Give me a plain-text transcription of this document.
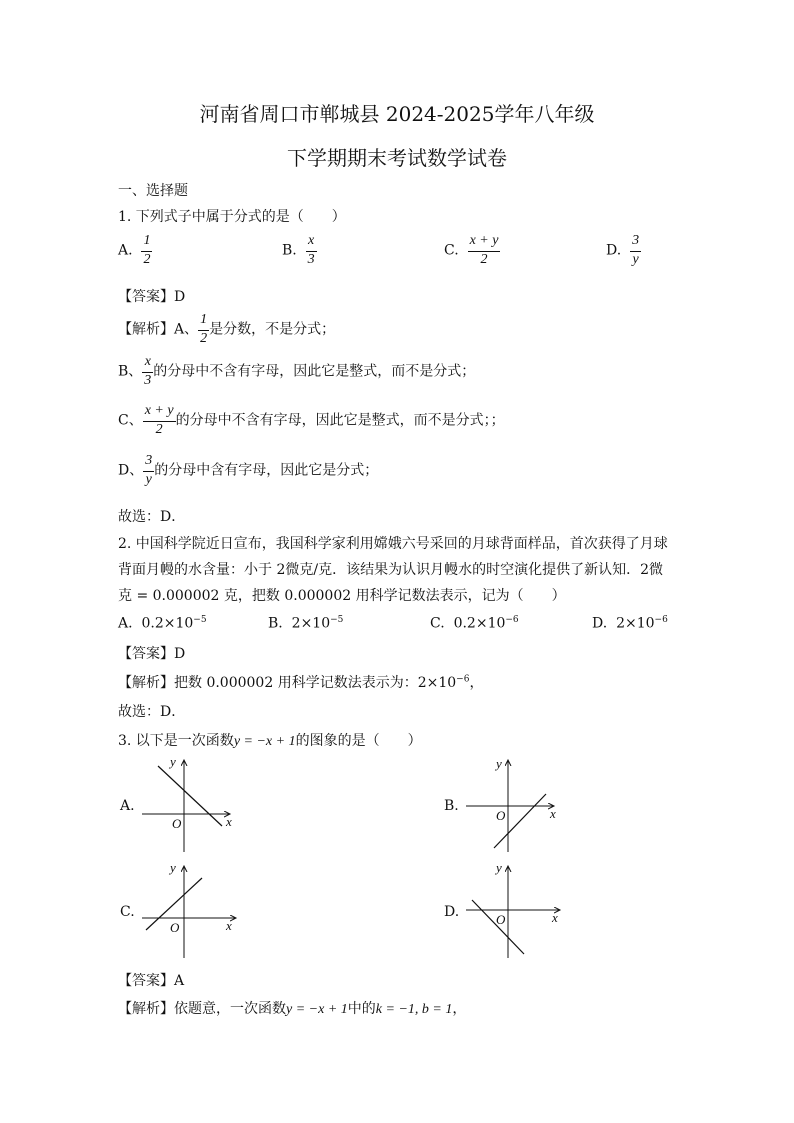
河南省周口市郸城县 2024-2025学年八年级
下学期期末考试数学试卷
一、选择题
1. 下列式子中属于分式的是（　　）
A. $\frac{1}{2}$	B. $\frac{x}{3}$	C. $\frac{x + y}{2}$	D. $\frac{3}{y}$
【答案】D
【解析】A、 $\frac{1}{2}$ 是分数，不是分式；
B、 $\frac{x}{3}$ 的分母中不含有字母，因此它是整式，而不是分式；
C、 $\frac{x + y}{2}$ 的分母中不含有字母，因此它是整式，而不是分式；；
D、 $\frac{3}{y}$ 的分母中含有字母，因此它是分式；
故选：D．
2. 中国科学院近日宣布，我国科学家利用嫦娥六号采回的月球背面样品，首次获得了月球
背面月幔的水含量：小于 2微克/克．该结果为认识月幔水的时空演化提供了新认知．2微
克 = 0.000002 克，把数 0.000002 用科学记数法表示，记为（　　）
A. $0.2\times 10^{-5}$	B. $2\times 10^{-5}$	C. $0.2\times 10^{-6}$	D. $2\times 10^{-6}$
【答案】D
【解析】把数 0.000002 用科学记数法表示为：$2\times 10^{-6}$，
故选：D．
3. 以下是一次函数y = −x + 1的图象的是（　　）
A.
O	x
y
B.
O	x
y
C.
O	x
y
D.	O	x
y
【答案】A
【解析】依题意，一次函数y = −x + 1中的k = −1, b = 1，
